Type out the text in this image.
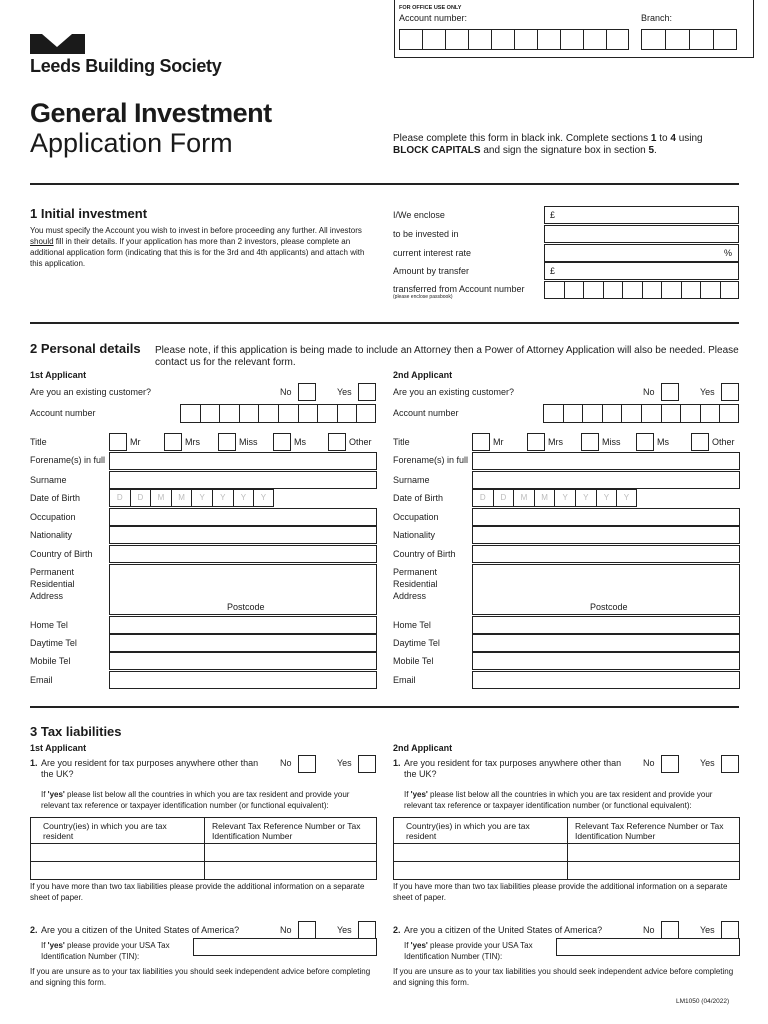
FOR OFFICE USE ONLY
Account number:	Branch:
Leeds Building Society
General Investment
Application Form	Please complete this form in black ink. Complete sections 1 to 4 using
BLOCK CAPITALS and sign the signature box in section 5.
1 Initial investment
You must specify the Account you wish to invest in before proceeding any further. All investors should fill in their details. If your application has more than 2 investors, please complete an additional application form (indicating that this is for the 3rd and 4th applicants) and attach with this application.
I/We enclose	£
to be invested in
current interest rate	%
Amount by transfer	£
transferred from Account number
(please enclose passbook)
2 Personal details Please note, if this application is being made to include an Attorney then a Power of Attorney Application will also be needed. Please contact us for the relevant form.
1st Applicant
Are you an existing customer?	No	Yes
Account number
Title	Mr	Mrs	Miss	Ms	Other
Forename(s) in full
Surname
Date of Birth	D	D	M	M	Y	Y	Y	Y
Occupation
Nationality
Country of Birth
Permanent
Residential
Address
Postcode
Home Tel
Daytime Tel
Mobile Tel
Email
2nd Applicant
Are you an existing customer?	No	Yes
Account number
Title	Mr	Mrs	Miss	Ms	Other
Forename(s) in full
Surname
Date of Birth	D	D	M	M	Y	Y	Y	Y
Occupation
Nationality
Country of Birth
Permanent
Residential
Address
Postcode
Home Tel
Daytime Tel
Mobile Tel
Email
3 Tax liabilities
1st Applicant
1. Are you resident for tax purposes anywhere other than the UK?
No	Yes
If 'yes' please list below all the countries in which you are tax resident and provide your relevant tax reference or taxpayer identification number (or functional equivalent):
Country(ies) in which you are tax resident
Relevant Tax Reference Number or Tax Identification Number
If you have more than two tax liabilities please provide the additional information on a separate sheet of paper.
2. Are you a citizen of the United States of America?	No	Yes
If 'yes' please provide your USA Tax Identification Number (TIN):
If you are unsure as to your tax liabilities you should seek independent advice before completing and signing this form.
2nd Applicant
1. Are you resident for tax purposes anywhere other than the UK?
No	Yes
If 'yes' please list below all the countries in which you are tax resident and provide your relevant tax reference or taxpayer identification number (or functional equivalent):
Country(ies) in which you are tax resident
Relevant Tax Reference Number or Tax Identification Number
If you have more than two tax liabilities please provide the additional information on a separate sheet of paper.
2. Are you a citizen of the United States of America?	No	Yes
If 'yes' please provide your USA Tax Identification Number (TIN):
If you are unsure as to your tax liabilities you should seek independent advice before completing and signing this form.
LM1050 (04/2022)
